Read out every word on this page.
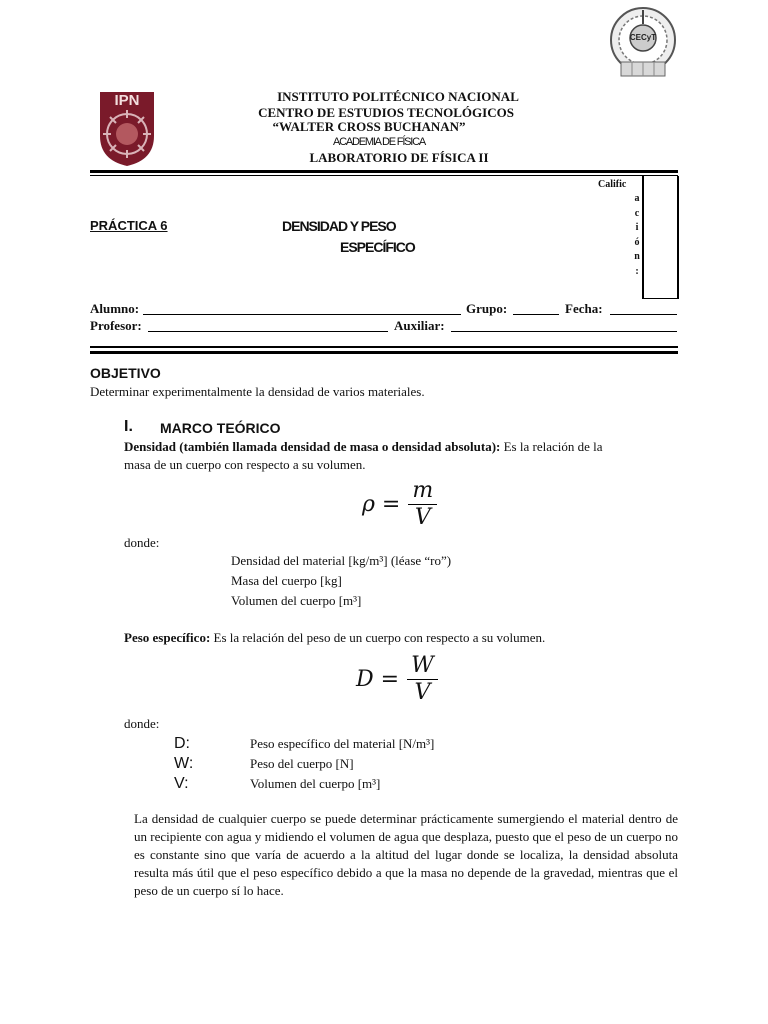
IPN
CECyT
INSTITUTO POLITÉCNICO NACIONAL
CENTRO DE ESTUDIOS TECNOLÓGICOS
“WALTER CROSS BUCHANAN”
ACADEMIA DE FÍSICA
LABORATORIO DE FÍSICA II
Calific
a
c
i
ó
n
:
PRÁCTICA 6	DENSIDAD Y PESO
ESPECÍFICO
Alumno:	Grupo:	Fecha:
Profesor:	Auxiliar:
OBJETIVO
Determinar experimentalmente la densidad de varios materiales.
I. MARCO TEÓRICO
Densidad (también llamada densidad de masa o densidad absoluta): Es la relación de la
masa de un cuerpo con respecto a su volumen.
$\rho = \frac{m}{V}$
donde:
Densidad del material [kg/m³] (léase “ro”)
Masa del cuerpo [kg]
Volumen del cuerpo [m³]
Peso específico: Es la relación del peso de un cuerpo con respecto a su volumen.
$D = \frac{W}{V}$
donde:
D:	Peso específico del material [N/m³]
W:	Peso del cuerpo [N]
V:	Volumen del cuerpo [m³]
La densidad de cualquier cuerpo se puede determinar prácticamente sumergiendo el material dentro de un recipiente con agua y midiendo el volumen de agua que desplaza, puesto que el peso de un cuerpo no es constante sino que varía de acuerdo a la altitud del lugar donde se localiza, la densidad absoluta resulta más útil que el peso específico debido a que la masa no depende de la gravedad, mientras que el peso de un cuerpo sí lo hace.
